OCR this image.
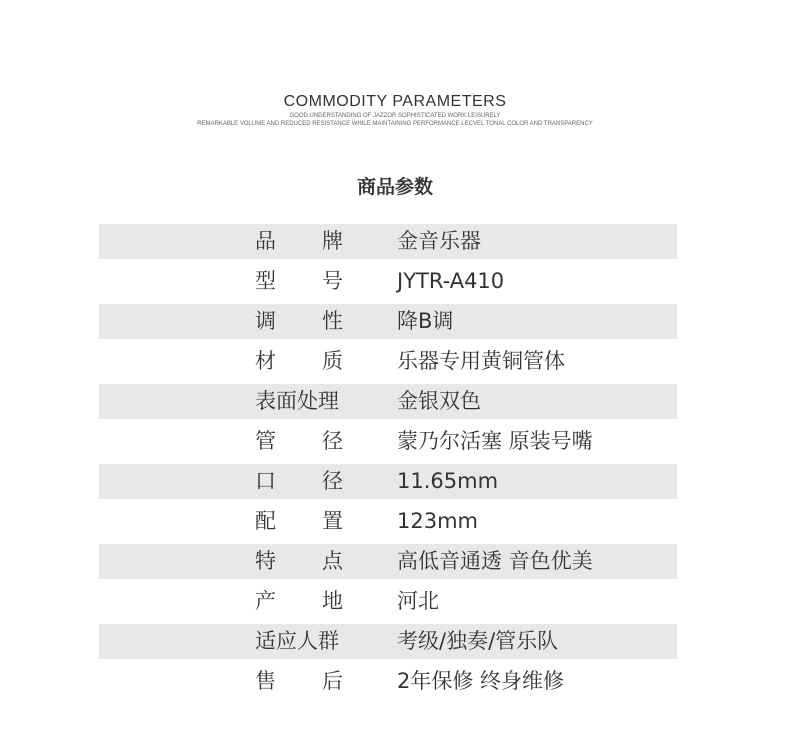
COMMODITY PARAMETERS
GOOD UNDERSTANDING OF JAZZOR SOPHISTICATED WORK LEISURELY
REMARKABLE VOLUME AND REDUCED RESISTANCE WHILE MAINTAINING PERFORMANCE LECVEL TONAL COLOR AND TRANSPARENCY
商品参数
品 牌	金音乐器
型 号	JYTR-A410
调 性	降B调
材 质	乐器专用黄铜管体
表面处理	金银双色
管 径	蒙乃尔活塞 原装号嘴
口 径	11.65mm
配 置	123mm
特 点	高低音通透 音色优美
产 地	河北
适应人群	考级/独奏/管乐队
售 后	2年保修 终身维修
